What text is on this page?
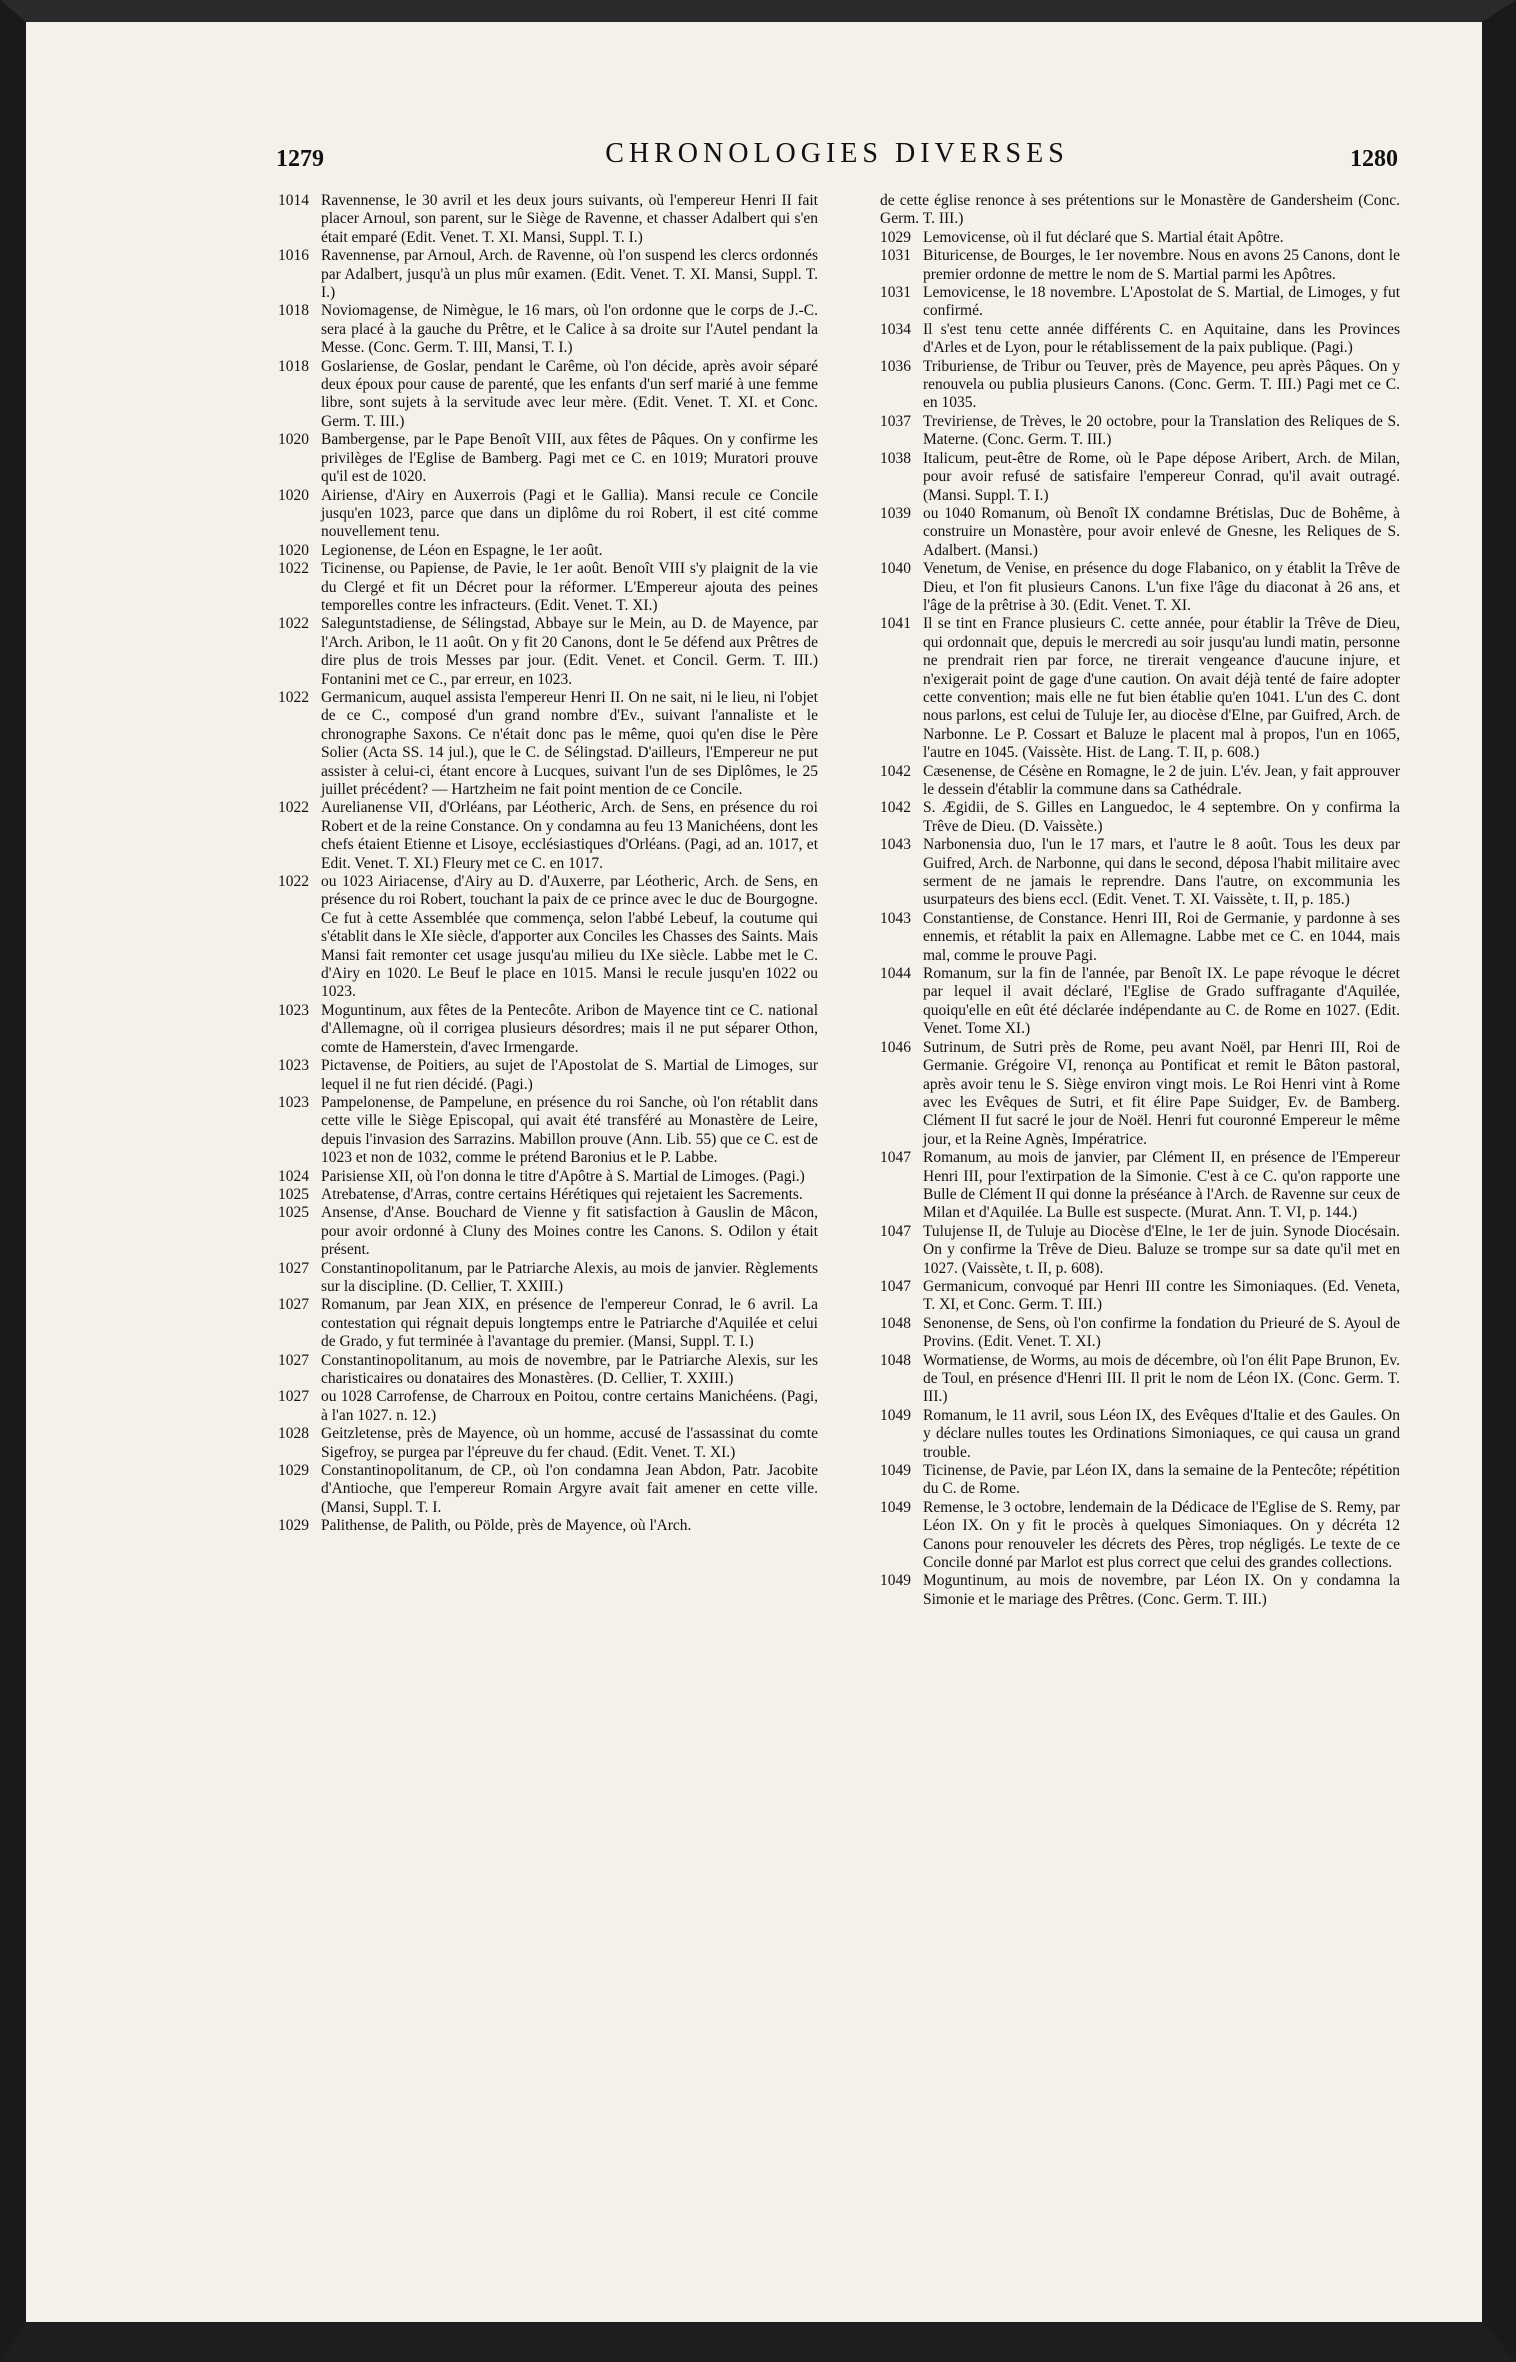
1279	CHRONOLOGIES DIVERSES	1280

1014 Ravennense, le 30 avril et les deux jours suivants, où l'empereur Henri II fait placer Arnoul, son parent, sur le Siège de Ravenne, et chasser Adalbert qui s'en était emparé (Edit. Venet. T. XI. Mansi, Suppl. T. I.)

1016 Ravennense, par Arnoul, Arch. de Ravenne, où l'on suspend les clercs ordonnés par Adalbert, jusqu'à un plus mûr examen. (Edit. Venet. T. XI. Mansi, Suppl. T. I.)

1018 Noviomagense, de Nimègue, le 16 mars, où l'on ordonne que le corps de J.-C. sera placé à la gauche du Prêtre, et le Calice à sa droite sur l'Autel pendant la Messe. (Conc. Germ. T. III, Mansi, T. I.)

1018 Goslariense, de Goslar, pendant le Carême, où l'on décide, après avoir séparé deux époux pour cause de parenté, que les enfants d'un serf marié à une femme libre, sont sujets à la servitude avec leur mère. (Edit. Venet. T. XI. et Conc. Germ. T. III.)

1020 Bambergense, par le Pape Benoît VIII, aux fêtes de Pâques. On y confirme les privilèges de l'Eglise de Bamberg. Pagi met ce C. en 1019; Muratori prouve qu'il est de 1020.

1020 Airiense, d'Airy en Auxerrois (Pagi et le Gallia). Mansi recule ce Concile jusqu'en 1023, parce que dans un diplôme du roi Robert, il est cité comme nouvellement tenu.

1020 Legionense, de Léon en Espagne, le 1er août.

1022 Ticinense, ou Papiense, de Pavie, le 1er août. Benoît VIII s'y plaignit de la vie du Clergé et fit un Décret pour la réformer. L'Empereur ajouta des peines temporelles contre les infracteurs. (Edit. Venet. T. XI.)

1022 Saleguntstadiense, de Sélingstad, Abbaye sur le Mein, au D. de Mayence, par l'Arch. Aribon, le 11 août. On y fit 20 Canons, dont le 5e défend aux Prêtres de dire plus de trois Messes par jour. (Edit. Venet. et Concil. Germ. T. III.) Fontanini met ce C., par erreur, en 1023.

1022 Germanicum, auquel assista l'empereur Henri II. On ne sait, ni le lieu, ni l'objet de ce C., composé d'un grand nombre d'Ev., suivant l'annaliste et le chronographe Saxons. Ce n'était donc pas le même, quoi qu'en dise le Père Solier (Acta SS. 14 jul.), que le C. de Sélingstad. D'ailleurs, l'Empereur ne put assister à celui-ci, étant encore à Lucques, suivant l'un de ses Diplômes, le 25 juillet précédent? — Hartzheim ne fait point mention de ce Concile.

1022 Aurelianense VII, d'Orléans, par Léotheric, Arch. de Sens, en présence du roi Robert et de la reine Constance. On y condamna au feu 13 Manichéens, dont les chefs étaient Etienne et Lisoye, ecclésiastiques d'Orléans. (Pagi, ad an. 1017, et Edit. Venet. T. XI.) Fleury met ce C. en 1017.

1022 ou 1023 Airiacense, d'Airy au D. d'Auxerre, par Léotheric, Arch. de Sens, en présence du roi Robert, touchant la paix de ce prince avec le duc de Bourgogne. Ce fut à cette Assemblée que commença, selon l'abbé Lebeuf, la coutume qui s'établit dans le XIe siècle, d'apporter aux Conciles les Chasses des Saints. Mais Mansi fait remonter cet usage jusqu'au milieu du IXe siècle. Labbe met le C. d'Airy en 1020. Le Beuf le place en 1015. Mansi le recule jusqu'en 1022 ou 1023.

1023 Moguntinum, aux fêtes de la Pentecôte. Aribon de Mayence tint ce C. national d'Allemagne, où il corrigea plusieurs désordres; mais il ne put séparer Othon, comte de Hamerstein, d'avec Irmengarde.

1023 Pictavense, de Poitiers, au sujet de l'Apostolat de S. Martial de Limoges, sur lequel il ne fut rien décidé. (Pagi.)

1023 Pampelonense, de Pampelune, en présence du roi Sanche, où l'on rétablit dans cette ville le Siège Episcopal, qui avait été transféré au Monastère de Leire, depuis l'invasion des Sarrazins. Mabillon prouve (Ann. Lib. 55) que ce C. est de 1023 et non de 1032, comme le prétend Baronius et le P. Labbe.

1024 Parisiense XII, où l'on donna le titre d'Apôtre à S. Martial de Limoges. (Pagi.)

1025 Atrebatense, d'Arras, contre certains Hérétiques qui rejetaient les Sacrements.

1025 Ansense, d'Anse. Bouchard de Vienne y fit satisfaction à Gauslin de Mâcon, pour avoir ordonné à Cluny des Moines contre les Canons. S. Odilon y était présent.

1027 Constantinopolitanum, par le Patriarche Alexis, au mois de janvier. Règlements sur la discipline. (D. Cellier, T. XXIII.)

1027 Romanum, par Jean XIX, en présence de l'empereur Conrad, le 6 avril. La contestation qui régnait depuis longtemps entre le Patriarche d'Aquilée et celui de Grado, y fut terminée à l'avantage du premier. (Mansi, Suppl. T. I.)

1027 Constantinopolitanum, au mois de novembre, par le Patriarche Alexis, sur les charisticaires ou donataires des Monastères. (D. Cellier, T. XXIII.)

1027 ou 1028 Carrofense, de Charroux en Poitou, contre certains Manichéens. (Pagi, à l'an 1027. n. 12.)

1028 Geitzletense, près de Mayence, où un homme, accusé de l'assassinat du comte Sigefroy, se purgea par l'épreuve du fer chaud. (Edit. Venet. T. XI.)

1029 Constantinopolitanum, de CP., où l'on condamna Jean Abdon, Patr. Jacobite d'Antioche, que l'empereur Romain Argyre avait fait amener en cette ville. (Mansi, Suppl. T. I.

1029 Palithense, de Palith, ou Pölde, près de Mayence, où l'Arch.

de cette église renonce à ses prétentions sur le Monastère de Gandersheim (Conc. Germ. T. III.)

1029 Lemovicense, où il fut déclaré que S. Martial était Apôtre.

1031 Bituricense, de Bourges, le 1er novembre. Nous en avons 25 Canons, dont le premier ordonne de mettre le nom de S. Martial parmi les Apôtres.

1031 Lemovicense, le 18 novembre. L'Apostolat de S. Martial, de Limoges, y fut confirmé.

1034 Il s'est tenu cette année différents C. en Aquitaine, dans les Provinces d'Arles et de Lyon, pour le rétablissement de la paix publique. (Pagi.)

1036 Triburiense, de Tribur ou Teuver, près de Mayence, peu après Pâques. On y renouvela ou publia plusieurs Canons. (Conc. Germ. T. III.) Pagi met ce C. en 1035.

1037 Treviriense, de Trèves, le 20 octobre, pour la Translation des Reliques de S. Materne. (Conc. Germ. T. III.)

1038 Italicum, peut-être de Rome, où le Pape dépose Aribert, Arch. de Milan, pour avoir refusé de satisfaire l'empereur Conrad, qu'il avait outragé. (Mansi. Suppl. T. I.)

1039 ou 1040 Romanum, où Benoît IX condamne Brétislas, Duc de Bohême, à construire un Monastère, pour avoir enlevé de Gnesne, les Reliques de S. Adalbert. (Mansi.)

1040 Venetum, de Venise, en présence du doge Flabanico, on y établit la Trêve de Dieu, et l'on fit plusieurs Canons. L'un fixe l'âge du diaconat à 26 ans, et l'âge de la prêtrise à 30. (Edit. Venet. T. XI.

1041 Il se tint en France plusieurs C. cette année, pour établir la Trêve de Dieu, qui ordonnait que, depuis le mercredi au soir jusqu'au lundi matin, personne ne prendrait rien par force, ne tirerait vengeance d'aucune injure, et n'exigerait point de gage d'une caution. On avait déjà tenté de faire adopter cette convention; mais elle ne fut bien établie qu'en 1041. L'un des C. dont nous parlons, est celui de Tuluje Ier, au diocèse d'Elne, par Guifred, Arch. de Narbonne. Le P. Cossart et Baluze le placent mal à propos, l'un en 1065, l'autre en 1045. (Vaissète. Hist. de Lang. T. II, p. 608.)

1042 Cæsenense, de Césène en Romagne, le 2 de juin. L'év. Jean, y fait approuver le dessein d'établir la commune dans sa Cathédrale.

1042 S. Ægidii, de S. Gilles en Languedoc, le 4 septembre. On y confirma la Trêve de Dieu. (D. Vaissète.)

1043 Narbonensia duo, l'un le 17 mars, et l'autre le 8 août. Tous les deux par Guifred, Arch. de Narbonne, qui dans le second, déposa l'habit militaire avec serment de ne jamais le reprendre. Dans l'autre, on excommunia les usurpateurs des biens eccl. (Edit. Venet. T. XI. Vaissète, t. II, p. 185.)

1043 Constantiense, de Constance. Henri III, Roi de Germanie, y pardonne à ses ennemis, et rétablit la paix en Allemagne. Labbe met ce C. en 1044, mais mal, comme le prouve Pagi.

1044 Romanum, sur la fin de l'année, par Benoît IX. Le pape révoque le décret par lequel il avait déclaré, l'Eglise de Grado suffragante d'Aquilée, quoiqu'elle en eût été déclarée indépendante au C. de Rome en 1027. (Edit. Venet. Tome XI.)

1046 Sutrinum, de Sutri près de Rome, peu avant Noël, par Henri III, Roi de Germanie. Grégoire VI, renonça au Pontificat et remit le Bâton pastoral, après avoir tenu le S. Siège environ vingt mois. Le Roi Henri vint à Rome avec les Evêques de Sutri, et fit élire Pape Suidger, Ev. de Bamberg. Clément II fut sacré le jour de Noël. Henri fut couronné Empereur le même jour, et la Reine Agnès, Impératrice.

1047 Romanum, au mois de janvier, par Clément II, en présence de l'Empereur Henri III, pour l'extirpation de la Simonie. C'est à ce C. qu'on rapporte une Bulle de Clément II qui donne la préséance à l'Arch. de Ravenne sur ceux de Milan et d'Aquilée. La Bulle est suspecte. (Murat. Ann. T. VI, p. 144.)

1047 Tulujense II, de Tuluje au Diocèse d'Elne, le 1er de juin. Synode Diocésain. On y confirme la Trêve de Dieu. Baluze se trompe sur sa date qu'il met en 1027. (Vaissète, t. II, p. 608).

1047 Germanicum, convoqué par Henri III contre les Simoniaques. (Ed. Veneta, T. XI, et Conc. Germ. T. III.)

1048 Senonense, de Sens, où l'on confirme la fondation du Prieuré de S. Ayoul de Provins. (Edit. Venet. T. XI.)

1048 Wormatiense, de Worms, au mois de décembre, où l'on élit Pape Brunon, Ev. de Toul, en présence d'Henri III. Il prit le nom de Léon IX. (Conc. Germ. T. III.)

1049 Romanum, le 11 avril, sous Léon IX, des Evêques d'Italie et des Gaules. On y déclare nulles toutes les Ordinations Simoniaques, ce qui causa un grand trouble.

1049 Ticinense, de Pavie, par Léon IX, dans la semaine de la Pentecôte; répétition du C. de Rome.

1049 Remense, le 3 octobre, lendemain de la Dédicace de l'Eglise de S. Remy, par Léon IX. On y fit le procès à quelques Simoniaques. On y décréta 12 Canons pour renouveler les décrets des Pères, trop négligés. Le texte de ce Concile donné par Marlot est plus correct que celui des grandes collections.

1049 Moguntinum, au mois de novembre, par Léon IX. On y condamna la Simonie et le mariage des Prêtres. (Conc. Germ. T. III.)
